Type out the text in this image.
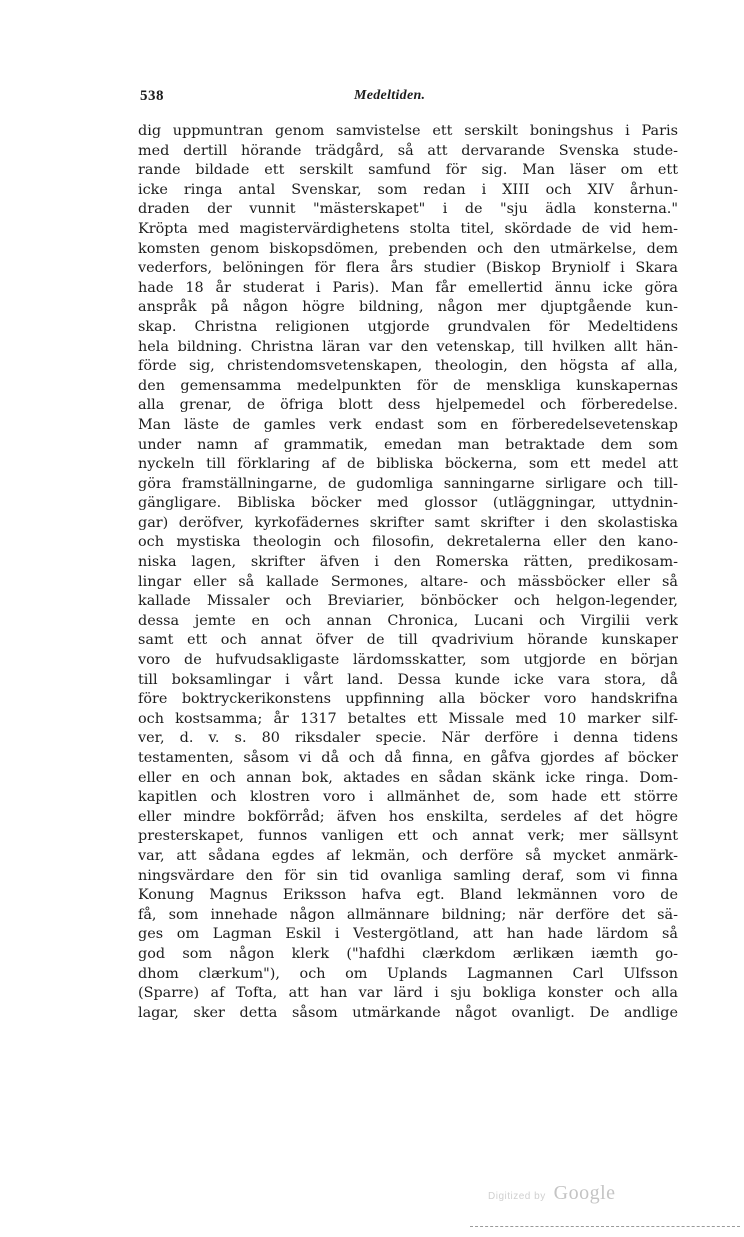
538	Medeltiden.
dig uppmuntran genom samvistelse ett serskilt boningshus i Paris
med dertill hörande trädgård, så att dervarande Svenska stude-
rande bildade ett serskilt samfund för sig. Man läser om ett
icke ringa antal Svenskar, som redan i XIII och XIV århun-
draden der vunnit "mästerskapet" i de "sju ädla konsterna."
Kröpta med magistervärdighetens stolta titel, skördade de vid hem-
komsten genom biskopsdömen, prebenden och den utmärkelse, dem
vederfors, belöningen för flera års studier (Biskop Bryniolf i Skara
hade 18 år studerat i Paris). Man får emellertid ännu icke göra
anspråk på någon högre bildning, någon mer djuptgående kun-
skap. Christna religionen utgjorde grundvalen för Medeltidens
hela bildning. Christna läran var den vetenskap, till hvilken allt hän-
förde sig, christendomsvetenskapen, theologin, den högsta af alla,
den gemensamma medelpunkten för de menskliga kunskapernas
alla grenar, de öfriga blott dess hjelpemedel och förberedelse.
Man läste de gamles verk endast som en förberedelsevetenskap
under namn af grammatik, emedan man betraktade dem som
nyckeln till förklaring af de bibliska böckerna, som ett medel att
göra framställningarne, de gudomliga sanningarne sirligare och till-
gängligare. Bibliska böcker med glossor (utläggningar, uttydnin-
gar) deröfver, kyrkofädernes skrifter samt skrifter i den skolastiska
och mystiska theologin och filosofin, dekretalerna eller den kano-
niska lagen, skrifter äfven i den Romerska rätten, predikosam-
lingar eller så kallade Sermones, altare- och mässböcker eller så
kallade Missaler och Breviarier, bönböcker och helgon-legender,
dessa jemte en och annan Chronica, Lucani och Virgilii verk
samt ett och annat öfver de till qvadrivium hörande kunskaper
voro de hufvudsakligaste lärdomsskatter, som utgjorde en början
till boksamlingar i vårt land. Dessa kunde icke vara stora, då
före boktryckerikonstens uppfinning alla böcker voro handskrifna
och kostsamma; år 1317 betaltes ett Missale med 10 marker silf-
ver, d. v. s. 80 riksdaler specie. När derföre i denna tidens
testamenten, såsom vi då och då finna, en gåfva gjordes af böcker
eller en och annan bok, aktades en sådan skänk icke ringa. Dom-
kapitlen och klostren voro i allmänhet de, som hade ett större
eller mindre bokförråd; äfven hos enskilta, serdeles af det högre
presterskapet, funnos vanligen ett och annat verk; mer sällsynt
var, att sådana egdes af lekmän, och derföre så mycket anmärk-
ningsvärdare den för sin tid ovanliga samling deraf, som vi finna
Konung Magnus Eriksson hafva egt. Bland lekmännen voro de
få, som innehade någon allmännare bildning; när derföre det sä-
ges om Lagman Eskil i Vestergötland, att han hade lärdom så
god som någon klerk ("hafdhi clærkdom ærlikæn iæmth go-
dhom clærkum"), och om Uplands Lagmannen Carl Ulfsson
(Sparre) af Tofta, att han var lärd i sju bokliga konster och alla
lagar, sker detta såsom utmärkande något ovanligt. De andlige
Digitized by Google
